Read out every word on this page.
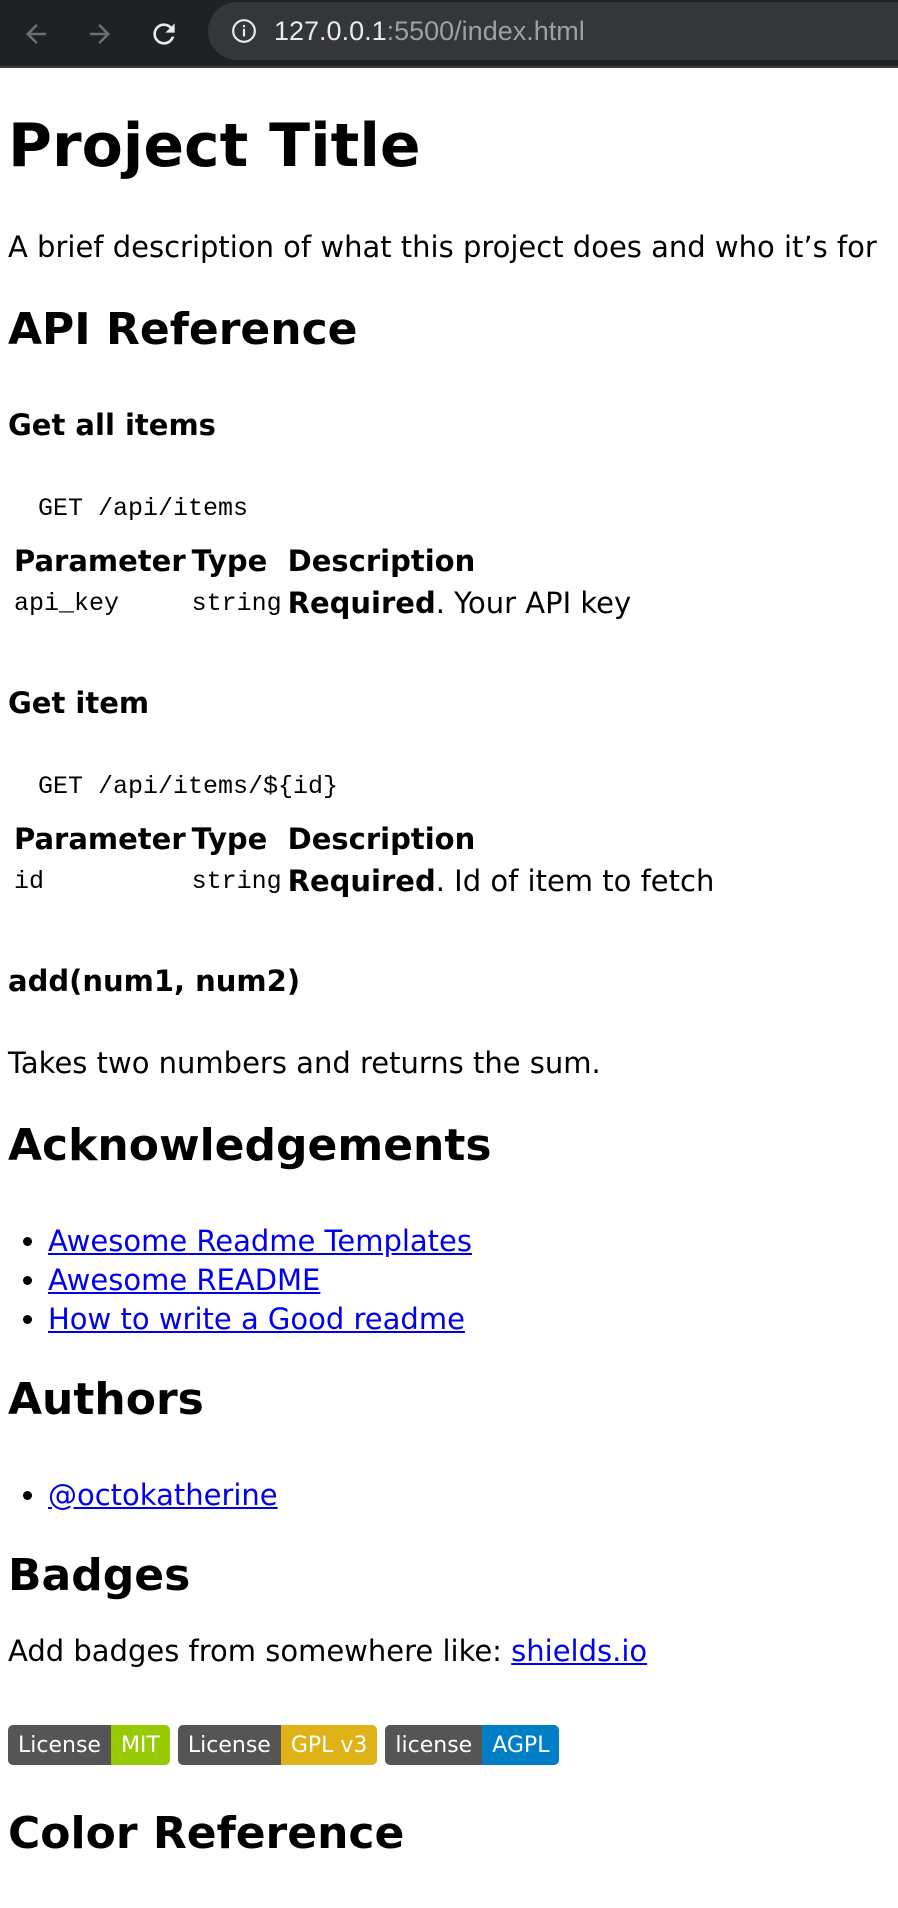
127.0.0.1:5500/index.html
Project Title

A brief description of what this project does and who it’s for

API Reference
Get all items
GET /api/items
Parameter	Type	Description
api_key	string	Required. Your API key
Get item
GET /api/items/${id}
Parameter	Type	Description
id	string	Required. Id of item to fetch
add(num1, num2)

Takes two numbers and returns the sum.

Acknowledgements
• Awesome Readme Templates
• Awesome README
• How to write a Good readme
Authors
• @octokatherine
Badges

Add badges from somewhere like: shields.io

License MIT	License GPL v3	license AGPL
Color Reference
